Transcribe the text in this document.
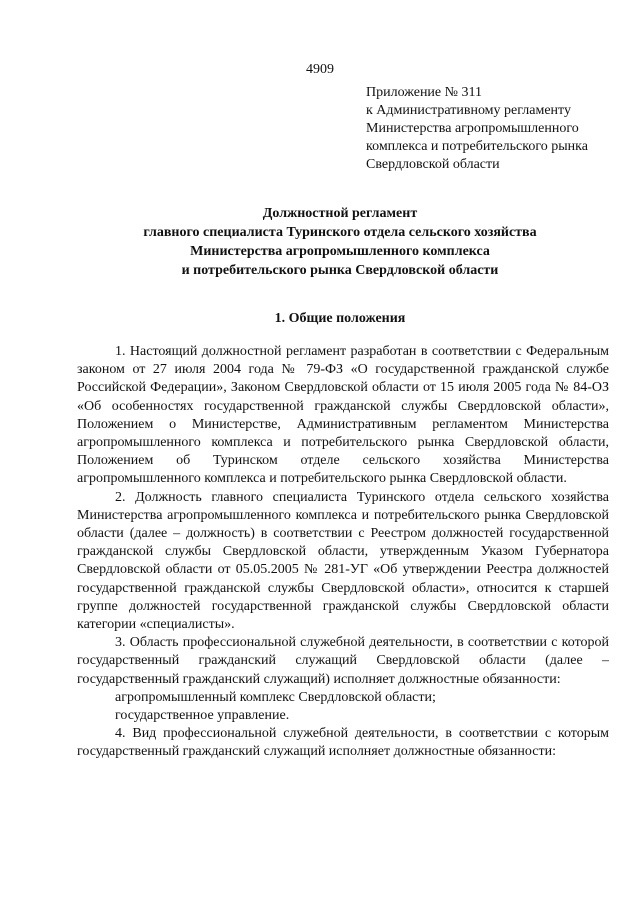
4909
Приложение № 311
к Административному регламенту
Министерства агропромышленного
комплекса и потребительского рынка
Свердловской области
Должностной регламент
главного специалиста Туринского отдела сельского хозяйства
Министерства агропромышленного комплекса
и потребительского рынка Свердловской области
1. Общие положения

1. Настоящий должностной регламент разработан в соответствии с Федеральным законом от 27 июля 2004 года № 79-ФЗ «О государственной гражданской службе Российской Федерации», Законом Свердловской области от 15 июля 2005 года № 84-ОЗ «Об особенностях государственной гражданской службы Свердловской области», Положением о Министерстве, Административным регламентом Министерства агропромышленного комплекса и потребительского рынка Свердловской области, Положением об Туринском отделе сельского хозяйства Министерства агропромышленного комплекса и потребительского рынка Свердловской области.

2. Должность главного специалиста Туринского отдела сельского хозяйства Министерства агропромышленного комплекса и потребительского рынка Свердловской области (далее – должность) в соответствии с Реестром должностей государственной гражданской службы Свердловской области, утвержденным Указом Губернатора Свердловской области от 05.05.2005 № 281-УГ «Об утверждении Реестра должностей государственной гражданской службы Свердловской области», относится к старшей группе должностей государственной гражданской службы Свердловской области категории «специалисты».

3. Область профессиональной служебной деятельности, в соответствии с которой государственный гражданский служащий Свердловской области (далее – государственный гражданский служащий) исполняет должностные обязанности:

агропромышленный комплекс Свердловской области;

государственное управление.

4. Вид профессиональной служебной деятельности, в соответствии с которым государственный гражданский служащий исполняет должностные обязанности:
